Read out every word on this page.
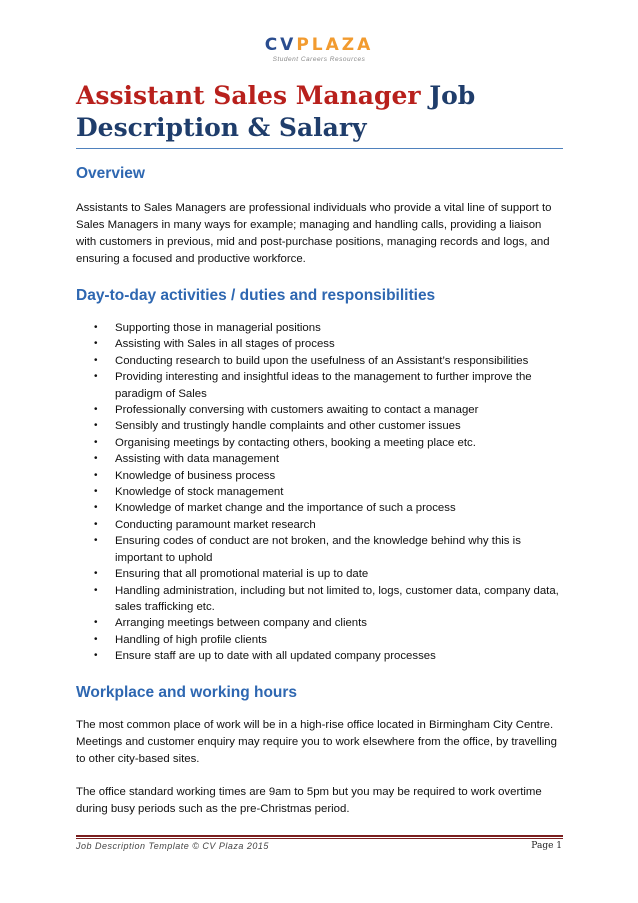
CVPLAZA
Student Careers Resources
Assistant Sales Manager Job
Description & Salary
Overview

Assistants to Sales Managers are professional individuals who provide a vital line of support to Sales Managers in many ways for example; managing and handling calls, providing a liaison with customers in previous, mid and post-purchase positions, managing records and logs, and ensuring a focused and productive workforce.

Day-to-day activities / duties and responsibilities
• Supporting those in managerial positions
• Assisting with Sales in all stages of process
• Conducting research to build upon the usefulness of an Assistant’s responsibilities
• Providing interesting and insightful ideas to the management to further improve the paradigm of Sales
• Professionally conversing with customers awaiting to contact a manager
• Sensibly and trustingly handle complaints and other customer issues
• Organising meetings by contacting others, booking a meeting place etc.
• Assisting with data management
• Knowledge of business process
• Knowledge of stock management
• Knowledge of market change and the importance of such a process
• Conducting paramount market research
• Ensuring codes of conduct are not broken, and the knowledge behind why this is important to uphold
• Ensuring that all promotional material is up to date
• Handling administration, including but not limited to, logs, customer data, company data, sales trafficking etc.
• Arranging meetings between company and clients
• Handling of high profile clients
• Ensure staff are up to date with all updated company processes
Workplace and working hours

The most common place of work will be in a high-rise office located in Birmingham City Centre. Meetings and customer enquiry may require you to work elsewhere from the office, by travelling to other city-based sites.

The office standard working times are 9am to 5pm but you may be required to work overtime during busy periods such as the pre-Christmas period.

Job Description Template © CV Plaza 2015	Page 1
